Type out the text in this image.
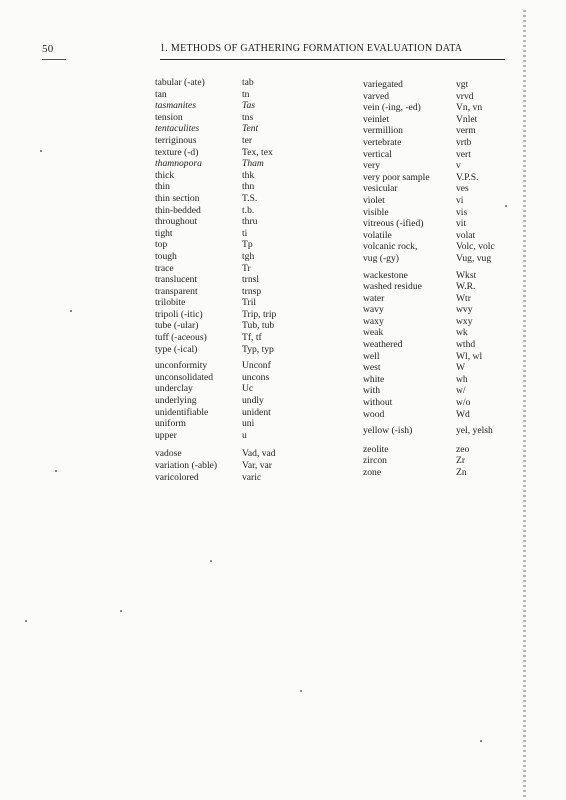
50	1. METHODS OF GATHERING FORMATION EVALUATION DATA
tabular (-ate)	tab
tan	tn
tasmanites	Tas
tension	tns
tentaculites	Tent
terriginous	ter
texture (-d)	Tex, tex
thamnopora	Tham
thick	thk
thin	thn
thin section	T.S.
thin-bedded	t.b.
throughout	thru
tight	ti
top	Tp
tough	tgh
trace	Tr
translucent	trnsl
transparent	trnsp
trilobite	Tril
tripoli (-itic)	Trip, trip
tube (-ular)	Tub, tub
tuff (-aceous)	Tf, tf
type (-ical)	Typ, typ
unconformity	Unconf
unconsolidated	uncons
underclay	Uc
underlying	undly
unidentifiable	unident
uniform	uni
upper	u
vadose	Vad, vad
variation (-able)	Var, var
varicolored	varic
variegated	vgt
varved	vrvd
vein (-ing, -ed)	Vn, vn
veinlet	Vnlet
vermillion	verm
vertebrate	vrtb
vertical	vert
very	v
very poor sample	V.P.S.
vesicular	ves
violet	vi
visible	vis
vitreous (-ified)	vit
volatile	volat
volcanic rock,	Volc, volc
vug (-gy)	Vug, vug
wackestone	Wkst
washed residue	W.R.
water	Wtr
wavy	wvy
waxy	wxy
weak	wk
weathered	wthd
well	Wl, wl
west	W
white	wh
with	w/
without	w/o
wood	Wd
yellow (-ish)	yel, yelsh
zeolite	zeo
zircon	Zr
zone	Zn
